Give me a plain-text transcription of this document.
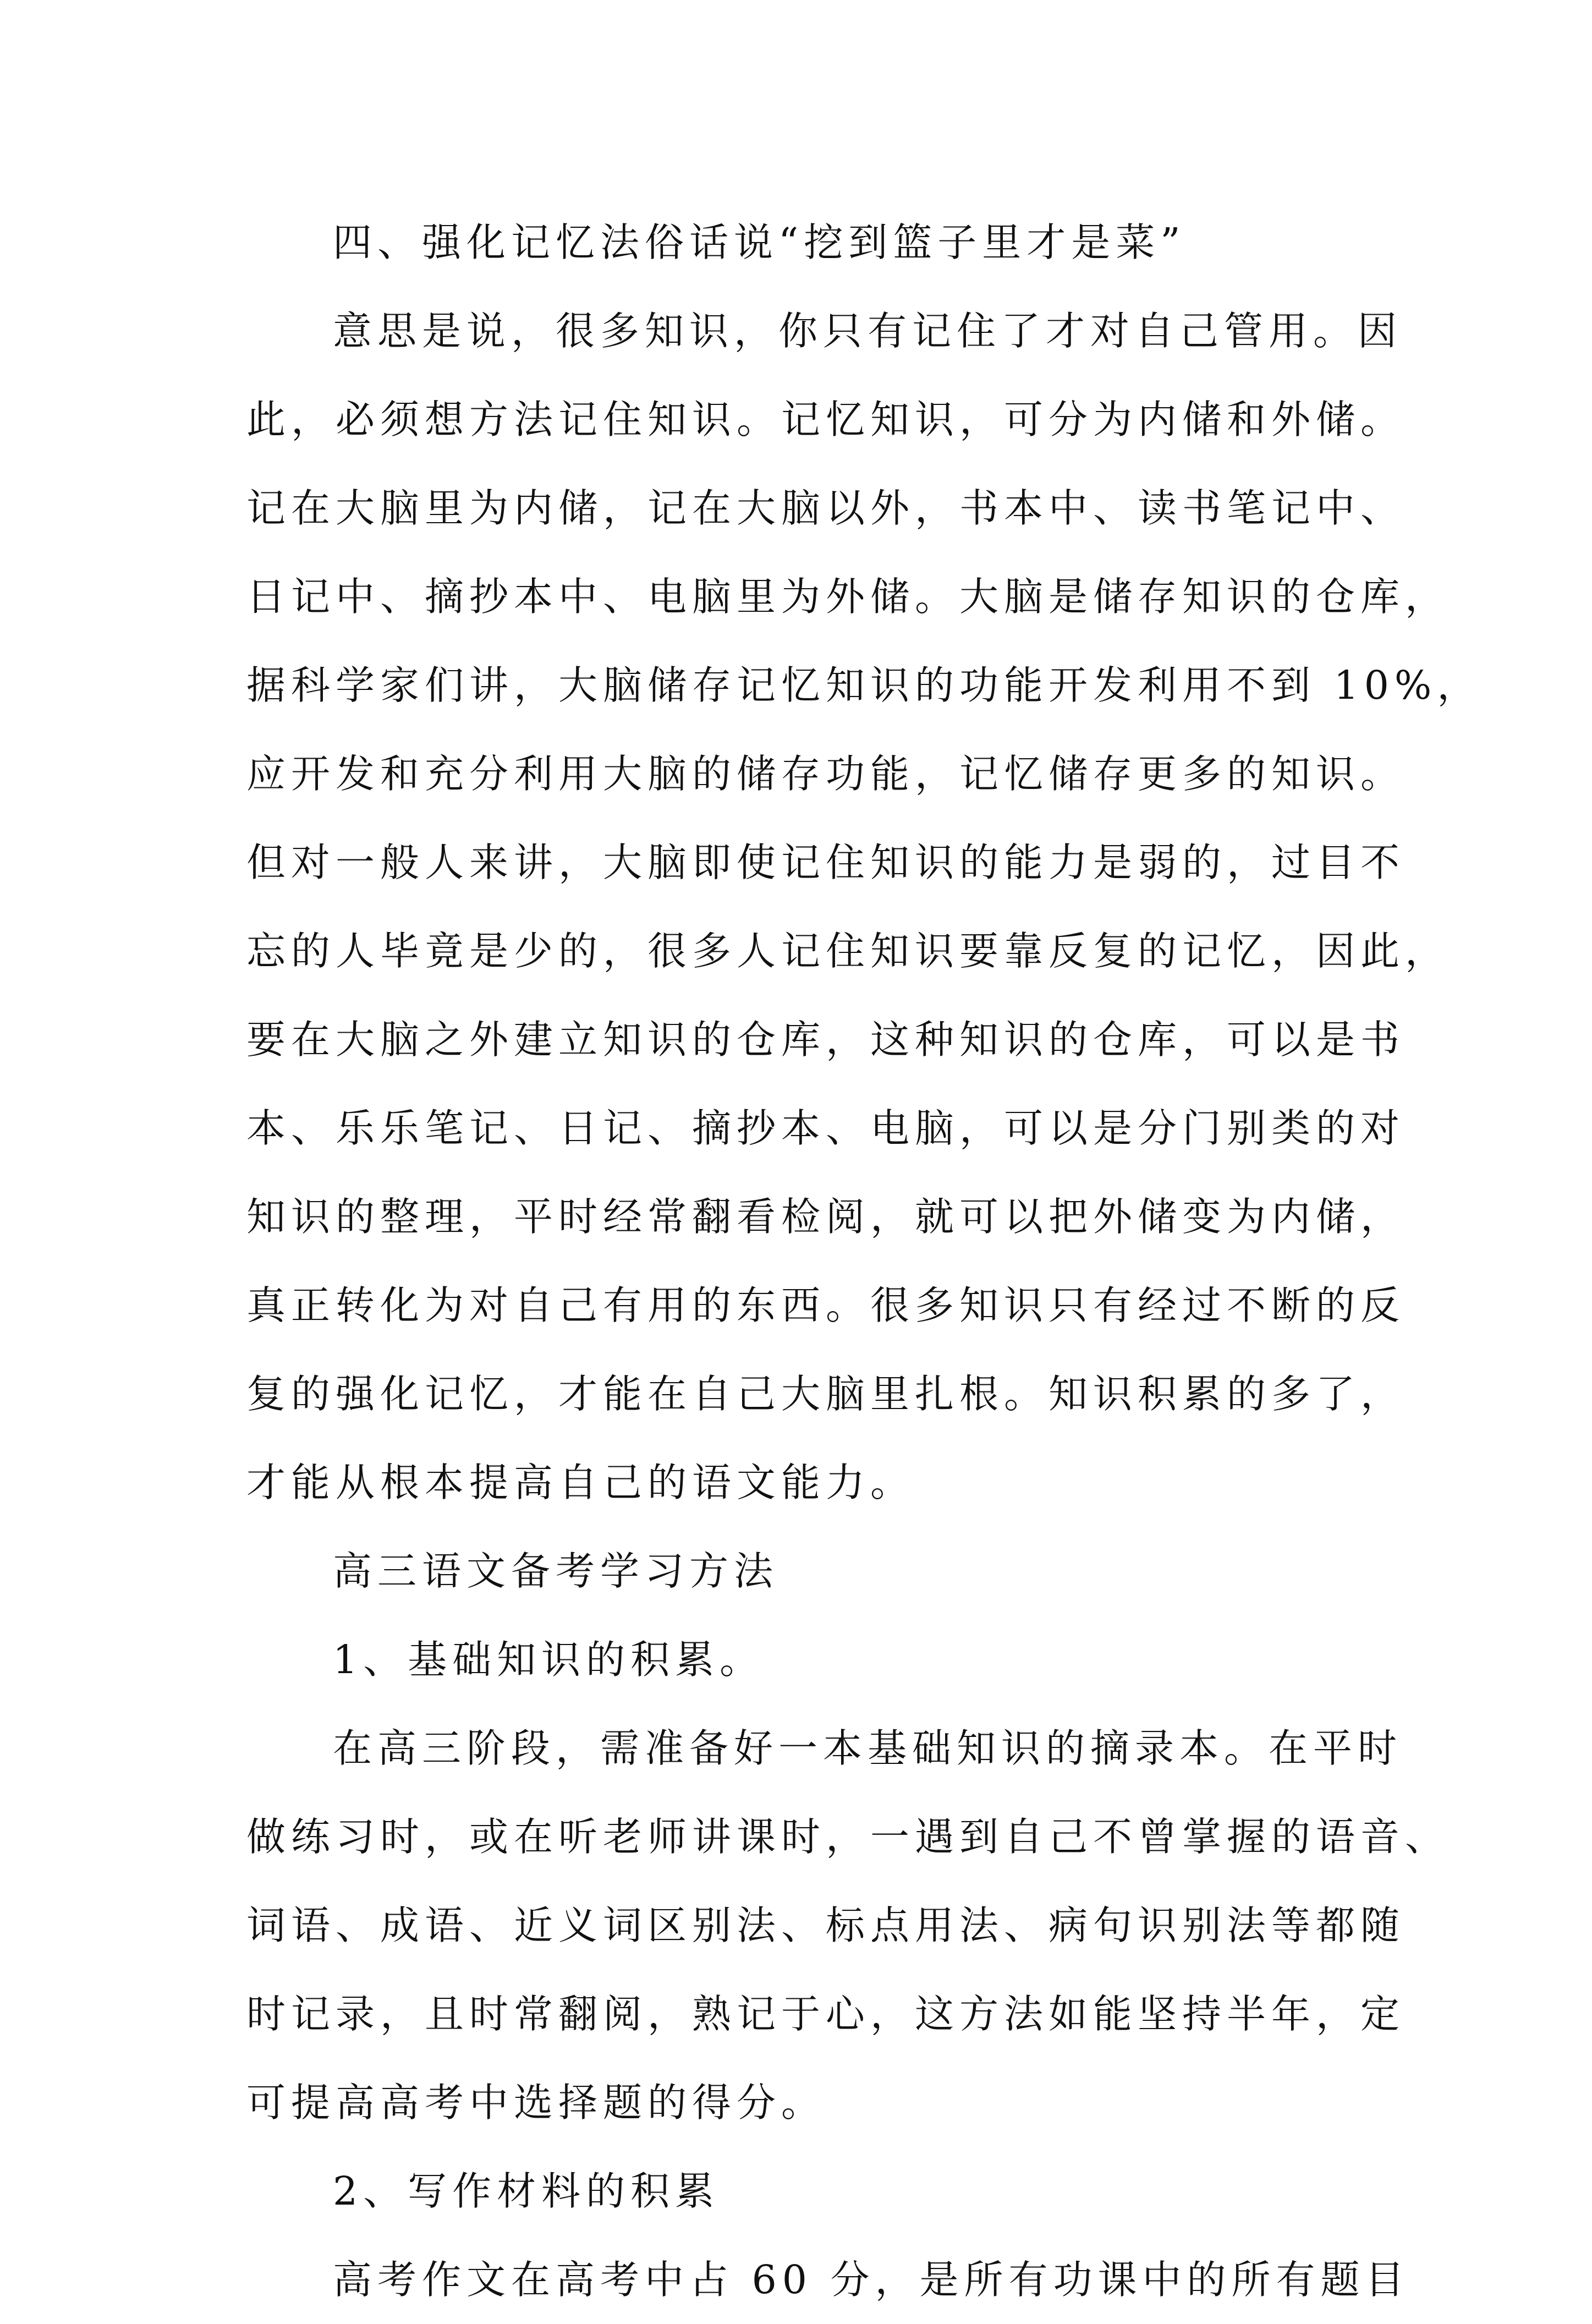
四、强化记忆法俗话说“挖到篮子里才是菜”
意思是说，很多知识，你只有记住了才对自己管用。因
此，必须想方法记住知识。记忆知识，可分为内储和外储。
记在大脑里为内储，记在大脑以外，书本中、读书笔记中、
日记中、摘抄本中、电脑里为外储。大脑是储存知识的仓库，
据科学家们讲，大脑储存记忆知识的功能开发利用不到 10%，
应开发和充分利用大脑的储存功能，记忆储存更多的知识。
但对一般人来讲，大脑即使记住知识的能力是弱的，过目不
忘的人毕竟是少的，很多人记住知识要靠反复的记忆，因此，
要在大脑之外建立知识的仓库，这种知识的仓库，可以是书
本、乐乐笔记、日记、摘抄本、电脑，可以是分门别类的对
知识的整理，平时经常翻看检阅，就可以把外储变为内储，
真正转化为对自己有用的东西。很多知识只有经过不断的反
复的强化记忆，才能在自己大脑里扎根。知识积累的多了，
才能从根本提高自己的语文能力。
高三语文备考学习方法
1、基础知识的积累。
在高三阶段，需准备好一本基础知识的摘录本。在平时
做练习时，或在听老师讲课时，一遇到自己不曾掌握的语音、
词语、成语、近义词区别法、标点用法、病句识别法等都随
时记录，且时常翻阅，熟记于心，这方法如能坚持半年，定
可提高高考中选择题的得分。
2、写作材料的积累
高考作文在高考中占 60 分，是所有功课中的所有题目
